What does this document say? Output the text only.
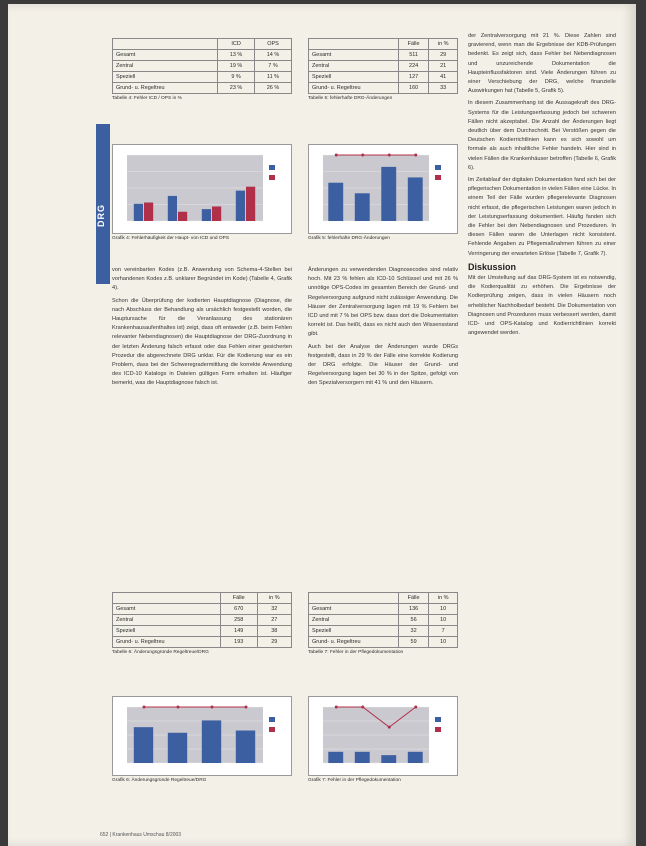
DRG
	ICD	OPS
Gesamt	13 %	14 %
Zentral	19 %	7 %
Speziell	9 %	11 %
Grund- u. Regeltreu	23 %	26 %
Tabelle 4: Fehler ICD / OPS in %
	Fälle	in %
Gesamt	511	29
Zentral	224	21
Speziell	127	41
Grund- u. Regeltreu	160	33
Tabelle 5: fehlerhafte DRG-Änderungen
Grafik 4: Fehlerhäufigkeit der Haupt- von ICD und OPS	Grafik 5: fehlerhafte DRG-Änderungen

von vereinbarten Kodes (z.B. Anwendung von Schema-4-Stellen bei vorhandenen Kodes z.B. unklarer Begründet im Kode) (Tabelle 4, Grafik 4).

Schon die Überprüfung der kodierten Hauptdiagnose (Diagnose, die nach Abschluss der Behandlung als ursächlich festgestellt worden, die Hauptursache für die Veranlassung des stationären Krankenhausaufenthaltes ist) zeigt, dass oft entweder (z.B. beim Fehlen relevanter Nebendiagnosen) die Hauptdiagnose der DRG-Zuordnung in der letzten Änderung falsch erfasst oder das Fehlen einer gesicherten Prozedur die abgerechnete DRG unklar. Für die Kodierung war es ein Problem, dass bei der Schweregradermittlung die korrekte Anwendung des ICD-10 Katalogs in Dateien gültigen Form erhalten ist. Häufiger bemerkt, was die Hauptdiagnose falsch ist.

Änderungen zu verwendenden Diagnosecodes sind relativ hoch. Mit 23 % fehlen als ICD-10 Schlüssel und mit 26 % unnötige OPS-Codes im gesamten Bereich der Grund- und Regelversorgung aufgrund nicht zulässiger Anwendung. Die Häuser der Zentralversorgung lagen mit 19 % Fehlern bei ICD und mit 7 % bei OPS bzw. dass dort die Dokumentation korrekt ist. Das heißt, dass es nicht auch den Wissensstand gibt.

Auch bei der Analyse der Änderungen wurde DRGs festgestellt, dass in 29 % der Fälle eine korrekte Kodierung der DRG erfolgte. Die Häuser der Grund- und Regelversorgung lagen bei 30 % in der Spitze, gefolgt von den Spezialversorgern mit 41 % und den Häusern.

der Zentralversorgung mit 21 %. Diese Zahlen sind gravierend, wenn man die Ergebnisse der KDB-Prüfungen bedenkt. Es zeigt sich, dass Fehler bei Nebendiagnosen und unzureichende Dokumentation die Haupteinflussfaktoren sind. Viele Änderungen führen zu einer Verschiebung der DRG, welche finanzielle Auswirkungen hat (Tabelle 5, Grafik 5).

In diesem Zusammenhang ist die Aussagekraft des DRG-Systems für die Leistungserfassung jedoch bei schweren Fällen nicht akzeptabel. Die Anzahl der Änderungen liegt deutlich über dem Durchschnitt. Bei Verstößen gegen die Deutschen Kodierrichtlinien kann es sich sowohl um formale als auch inhaltliche Fehler handeln. Hier sind in vielen Fällen die Krankenhäuser betroffen (Tabelle 6, Grafik 6).

Im Zeitablauf der digitalen Dokumentation fand sich bei der pflegerischen Dokumentation in vielen Fällen eine Lücke. In einem Teil der Fälle wurden pflegerelevante Diagnosen nicht erfasst, die pflegerischen Leistungen waren jedoch in der Leistungserfassung dokumentiert. Häufig fanden sich die Fehler bei den Nebendiagnosen und Prozeduren. In diesen Fällen waren die Unterlagen nicht konsistent. Fehlende Angaben zu Pflegemaßnahmen führen zu einer Verringerung der erwarteten Erlöse (Tabelle 7, Grafik 7).

Diskussion

Mit der Umstellung auf das DRG-System ist es notwendig, die Kodierqualität zu erhöhen. Die Ergebnisse der Kodierprüfung zeigen, dass in vielen Häusern noch erheblicher Nachholbedarf besteht. Die Dokumentation von Diagnosen und Prozeduren muss verbessert werden, damit ICD- und OPS-Katalog und Kodierrichtlinien korrekt angewendet werden.

	Fälle	in %
Gesamt	670	32
Zentral	258	27
Speziell	149	38
Grund- u. Regeltreu	193	29
Tabelle 6: Änderungsgründe Regeltreue/DRG
	Fälle	in %
Gesamt	136	10
Zentral	56	10
Speziell	32	7
Grund- u. Regeltreu	59	10
Tabelle 7: Fehler in der Pflegedokumentation
Grafik 6: Änderungsgründe Regeltreue/DRG	Grafik 7: Fehler in der Pflegedokumentation
652 | Krankenhaus Umschau 8/2003
